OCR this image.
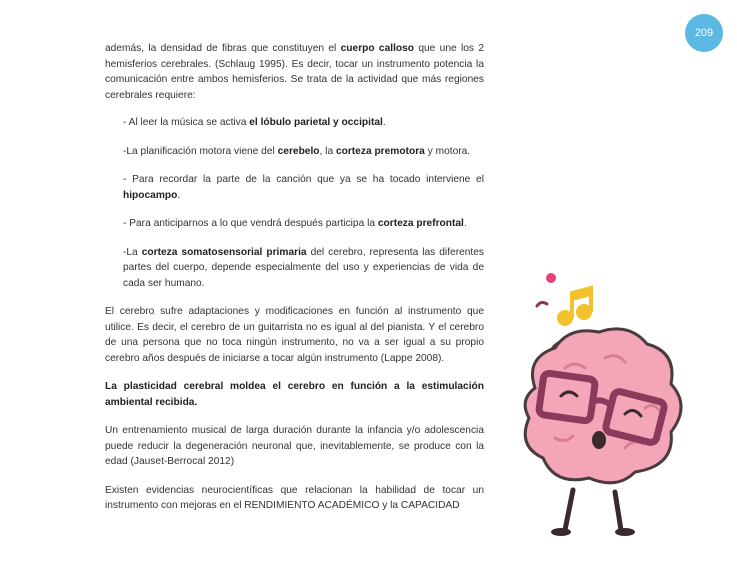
209

además, la densidad de fibras que constituyen el cuerpo calloso que une los 2 hemisferios cerebrales. (Schlaug 1995). Es decir, tocar un instrumento potencia la comunicación entre ambos hemisferios. Se trata de la actividad que más regiones cerebrales requiere:

- Al leer la música se activa el lóbulo parietal y occipital.

-La planificación motora viene del cerebelo, la corteza premotora y motora.

- Para recordar la parte de la canción que ya se ha tocado interviene el hipocampo.

- Para anticiparnos a lo que vendrá después participa la corteza prefrontal.

-La corteza somatosensorial primaria del cerebro, representa las diferentes partes del cuerpo, depende especialmente del uso y experiencias de vida de cada ser humano.

El cerebro sufre adaptaciones y modificaciones en función al instrumento que utilice. Es decir, el cerebro de un guitarrista no es igual al del pianista. Y el cerebro de una persona que no toca ningún instrumento, no va a ser igual a su propio cerebro años después de iniciarse a tocar algún instrumento (Lappe 2008).

La plasticidad cerebral moldea el cerebro en función a la estimulación ambiental recibida.

Un entrenamiento musical de larga duración durante la infancia y/o adolescencia puede reducir la degeneración neuronal que, inevitablemente, se produce con la edad (Jauset-Berrocal 2012)

Existen evidencias neurocientíficas que relacionan la habilidad de tocar un instrumento con mejoras en el RENDIMIENTO ACADÉMICO y la CAPACIDAD
